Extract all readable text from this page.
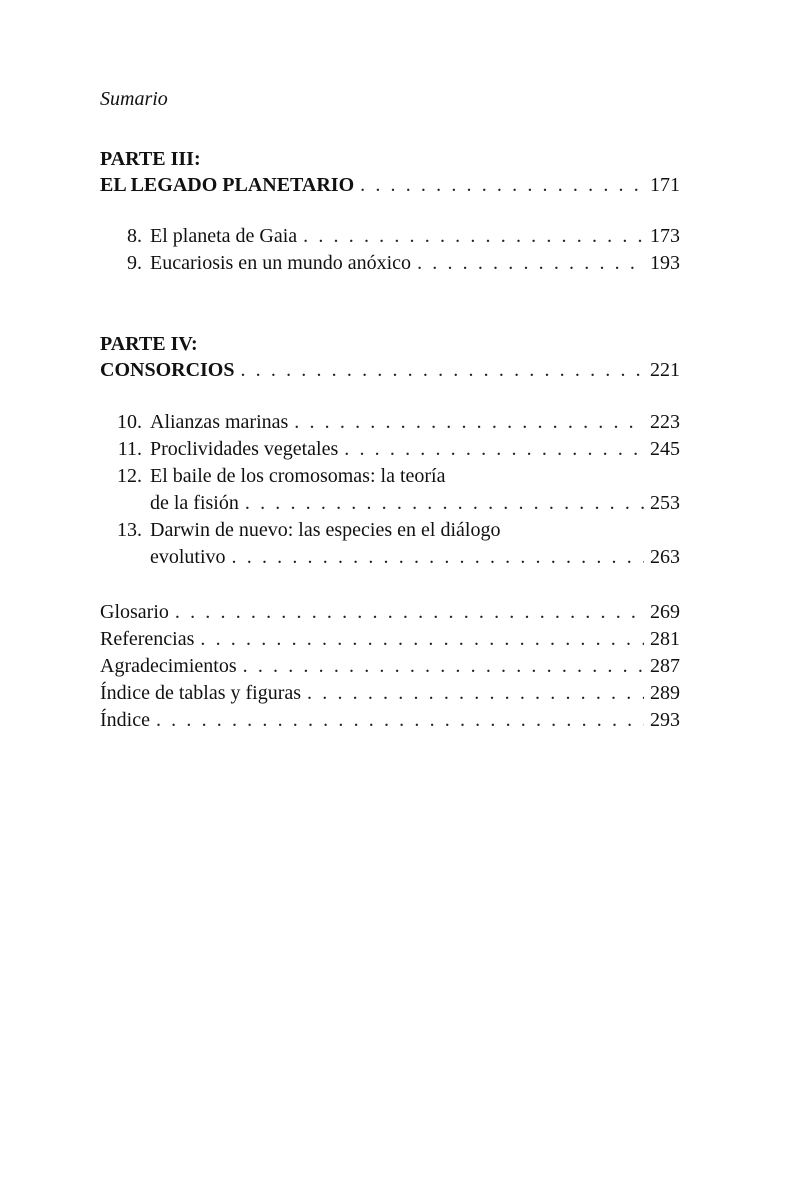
Sumario
PARTE III:
EL LEGADO PLANETARIO . . .	171
8. El planeta de Gaia . . .	173
9. Eucariosis en un mundo anóxico . . .	193
PARTE IV:
CONSORCIOS . . .	221
10. Alianzas marinas . . .	223
11. Proclividades vegetales . . .	245
12. El baile de los cromosomas: la teoría
de la fisión . . .	253
13. Darwin de nuevo: las especies en el diálogo
evolutivo . . .	263
Glosario . . .	269
Referencias . . .	281
Agradecimientos . . .	287
Índice de tablas y figuras . . .	289
Índice . . .	293
